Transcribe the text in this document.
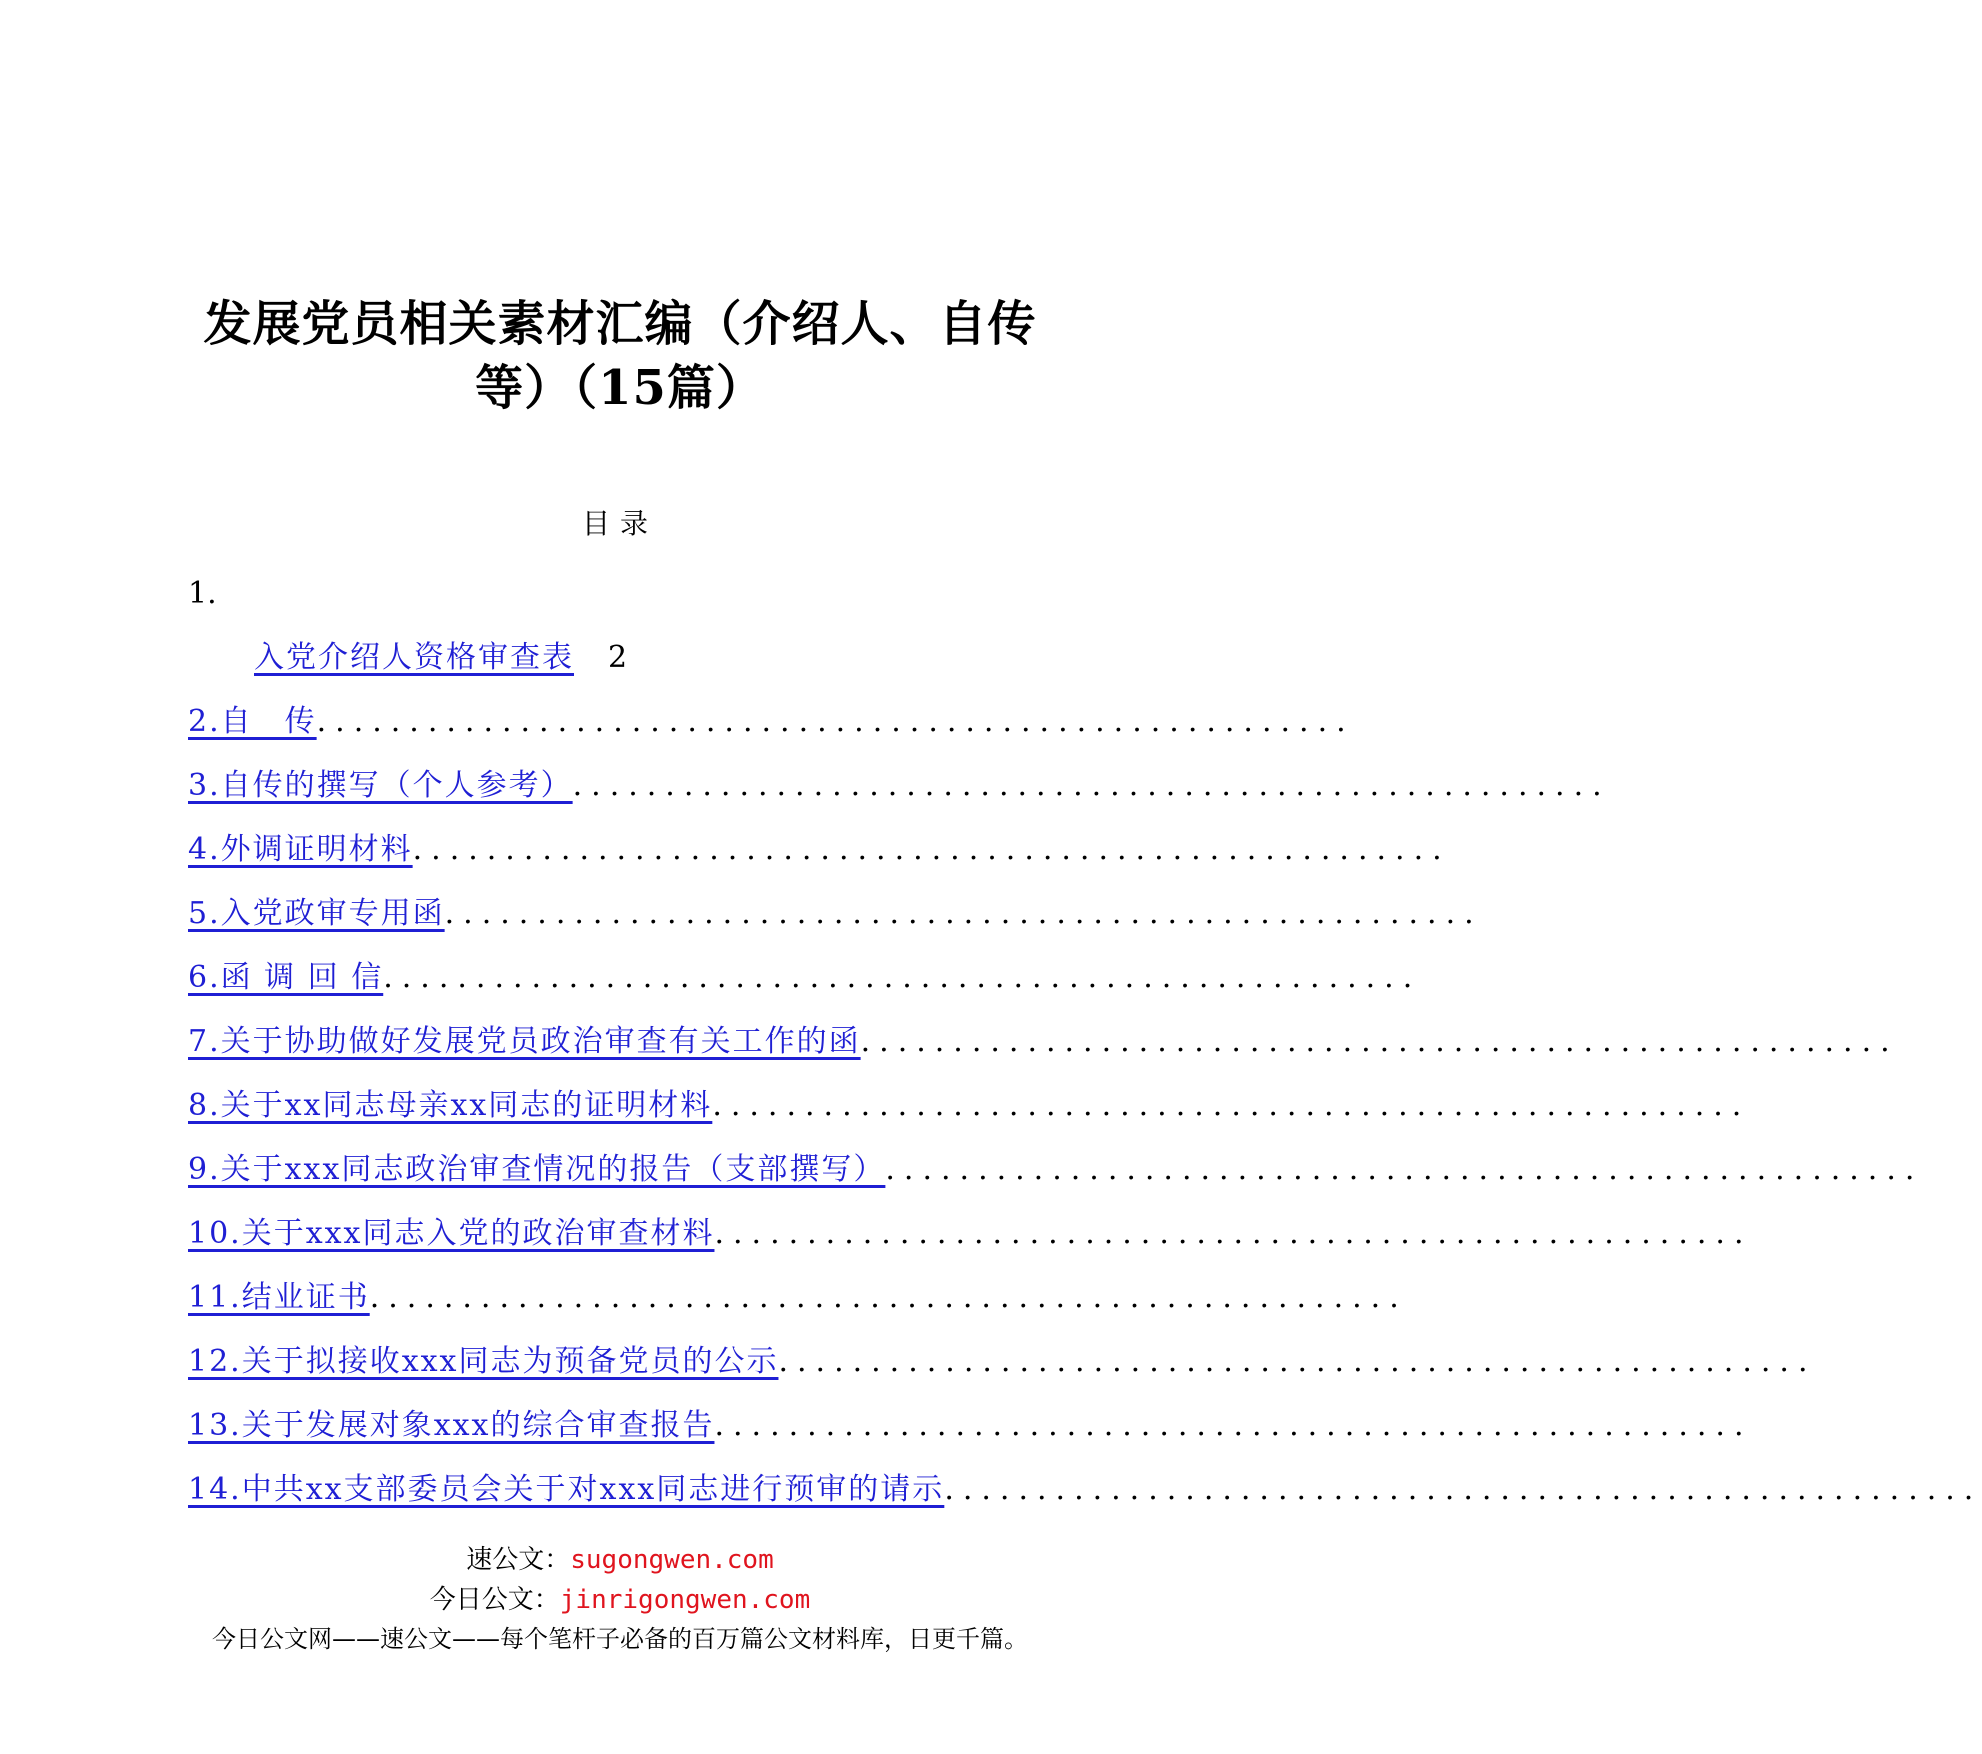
发展党员相关素材汇编（介绍人、自传
等）（15篇）
目录
1.
入党介绍人资格审查表 2
2.自　传........................................................
3.自传的撰写（个人参考）........................................................
4.外调证明材料........................................................
5.入党政审专用函........................................................
6.函 调 回 信........................................................
7.关于协助做好发展党员政治审查有关工作的函........................................................
8.关于xx同志母亲xx同志的证明材料........................................................
9.关于xxx同志政治审查情况的报告（支部撰写）........................................................
10.关于xxx同志入党的政治审查材料........................................................
11.结业证书........................................................
12.关于拟接收xxx同志为预备党员的公示........................................................
13.关于发展对象xxx的综合审查报告........................................................
14.中共xx支部委员会关于对xxx同志进行预审的请示........................................................
速公文：sugongwen.com
今日公文：jinrigongwen.com
今日公文网——速公文——每个笔杆子必备的百万篇公文材料库，日更千篇。
